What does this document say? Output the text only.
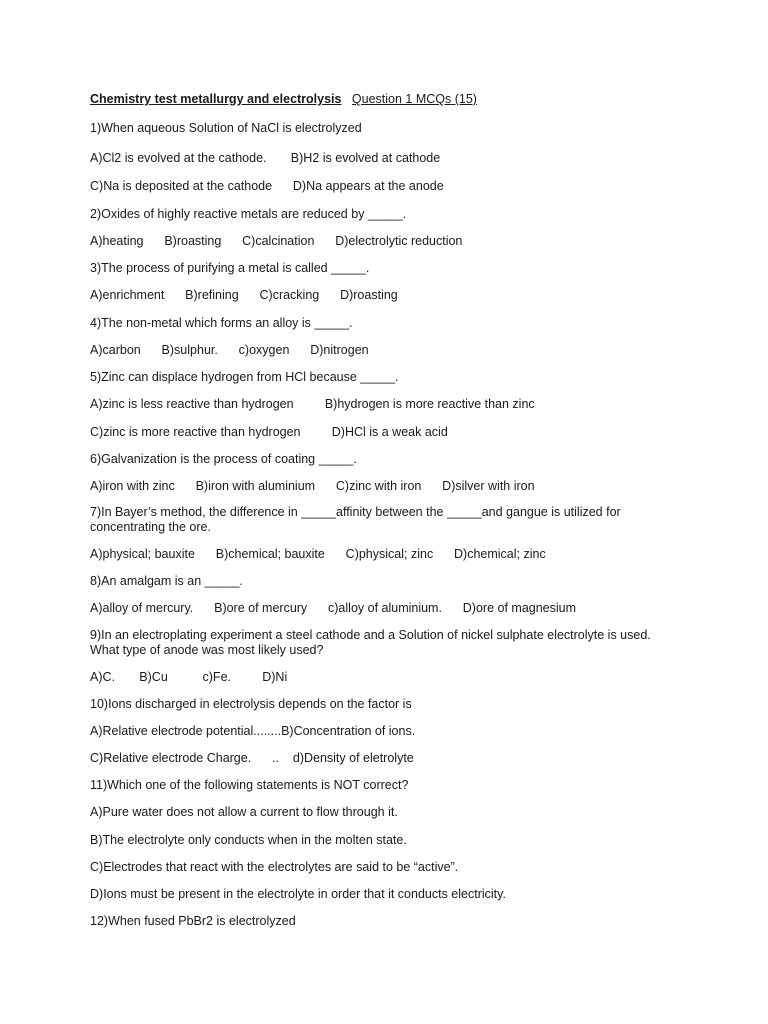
Chemistry test metallurgy and electrolysis Question 1 MCQs (15)

1)When aqueous Solution of NaCl is electrolyzed

A)Cl2 is evolved at the cathode.       B)H2 is evolved at cathode

C)Na is deposited at the cathode      D)Na appears at the anode

2)Oxides of highly reactive metals are reduced by _____.

A)heating      B)roasting      C)calcination      D)electrolytic reduction

3)The process of purifying a metal is called _____.

A)enrichment      B)refining      C)cracking      D)roasting

4)The non-metal which forms an alloy is _____.

A)carbon      B)sulphur.      c)oxygen      D)nitrogen

5)Zinc can displace hydrogen from HCl because _____.

A)zinc is less reactive than hydrogen         B)hydrogen is more reactive than zinc

C)zinc is more reactive than hydrogen         D)HCl is a weak acid

6)Galvanization is the process of coating _____.

A)iron with zinc      B)iron with aluminium      C)zinc with iron      D)silver with iron

7)In Bayer’s method, the difference in _____affinity between the _____and gangue is utilized for concentrating the ore.

A)physical; bauxite      B)chemical; bauxite      C)physical; zinc      D)chemical; zinc

8)An amalgam is an _____.

A)alloy of mercury.      B)ore of mercury      c)alloy of aluminium.      D)ore of magnesium

9)In an electroplating experiment a steel cathode and a Solution of nickel sulphate electrolyte is used. What type of anode was most likely used?

A)C.       B)Cu          c)Fe.         D)Ni

10)Ions discharged in electrolysis depends on the factor is

A)Relative electrode potential........B)Concentration of ions.

C)Relative electrode Charge.      ..    d)Density of eletrolyte

11)Which one of the following statements is NOT correct?

A)Pure water does not allow a current to flow through it.

B)The electrolyte only conducts when in the molten state.

C)Electrodes that react with the electrolytes are said to be “active”.

D)Ions must be present in the electrolyte in order that it conducts electricity.

12)When fused PbBr2 is electrolyzed
